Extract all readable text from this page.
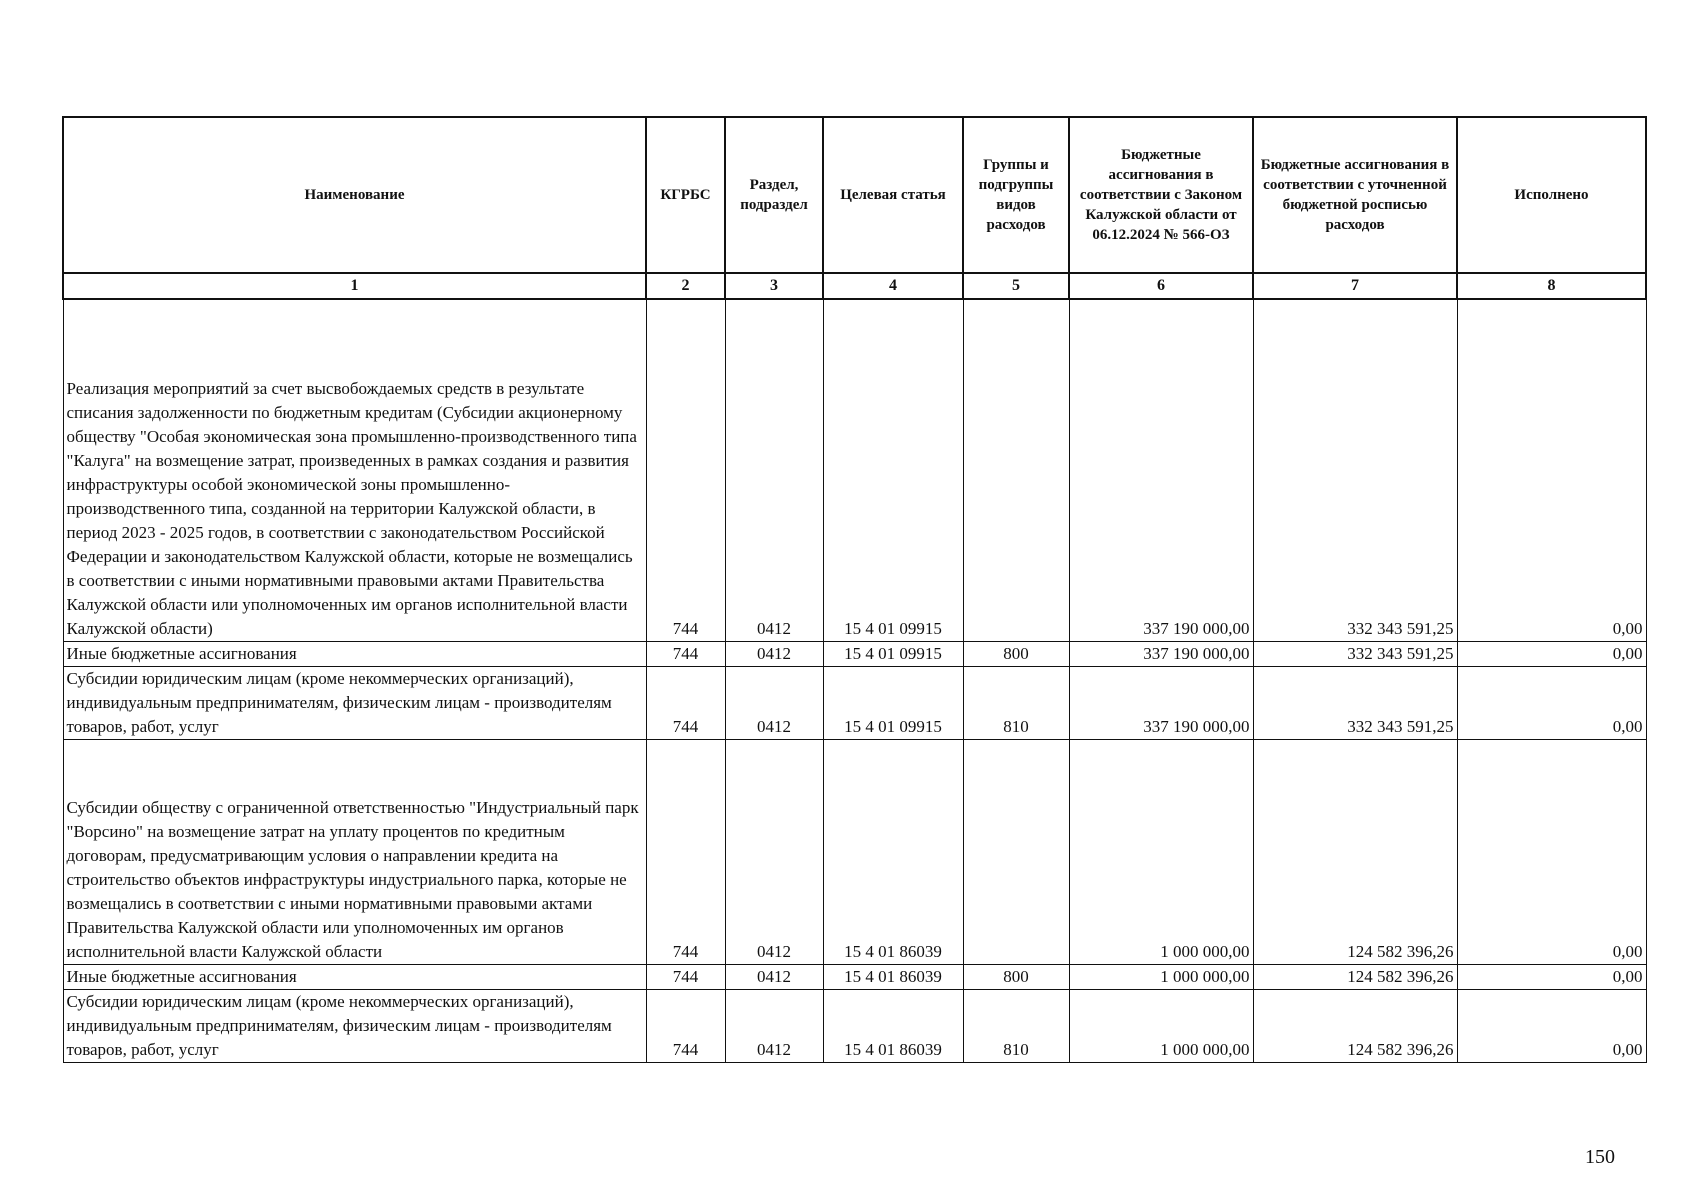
Наименование	КГРБС	Раздел, подраздел	Целевая статья	Группы и подгруппы видов расходов	Бюджетные ассигнования в соответствии с Законом Калужской области от 06.12.2024 № 566-ОЗ	Бюджетные ассигнования в соответствии с уточненной бюджетной росписью расходов	Исполнено
1	2	3	4	5	6	7	8
Реализация мероприятий за счет высвобождаемых средств в результате списания задолженности по бюджетным кредитам (Субсидии акционерному обществу "Особая экономическая зона промышленно-производственного типа "Калуга" на возмещение затрат, произведенных в рамках создания и развития инфраструктуры особой экономической зоны промышленно-производственного типа, созданной на территории Калужской области, в период 2023 - 2025 годов, в соответствии с законодательством Российской Федерации и законодательством Калужской области, которые не возмещались в соответствии с иными нормативными правовыми актами Правительства Калужской области или уполномоченных им органов исполнительной власти Калужской области)	744	0412	15 4 01 09915		337 190 000,00	332 343 591,25	0,00
Иные бюджетные ассигнования	744	0412	15 4 01 09915	800	337 190 000,00	332 343 591,25	0,00
Субсидии юридическим лицам (кроме некоммерческих организаций), индивидуальным предпринимателям, физическим лицам - производителям товаров, работ, услуг	744	0412	15 4 01 09915	810	337 190 000,00	332 343 591,25	0,00
Субсидии обществу с ограниченной ответственностью "Индустриальный парк "Ворсино" на возмещение затрат на уплату процентов по кредитным договорам, предусматривающим условия о направлении кредита на строительство объектов инфраструктуры индустриального парка, которые не возмещались в соответствии с иными нормативными правовыми актами Правительства Калужской области или уполномоченных им органов исполнительной власти Калужской области	744	0412	15 4 01 86039		1 000 000,00	124 582 396,26	0,00
Иные бюджетные ассигнования	744	0412	15 4 01 86039	800	1 000 000,00	124 582 396,26	0,00
Субсидии юридическим лицам (кроме некоммерческих организаций), индивидуальным предпринимателям, физическим лицам - производителям товаров, работ, услуг	744	0412	15 4 01 86039	810	1 000 000,00	124 582 396,26	0,00
150
